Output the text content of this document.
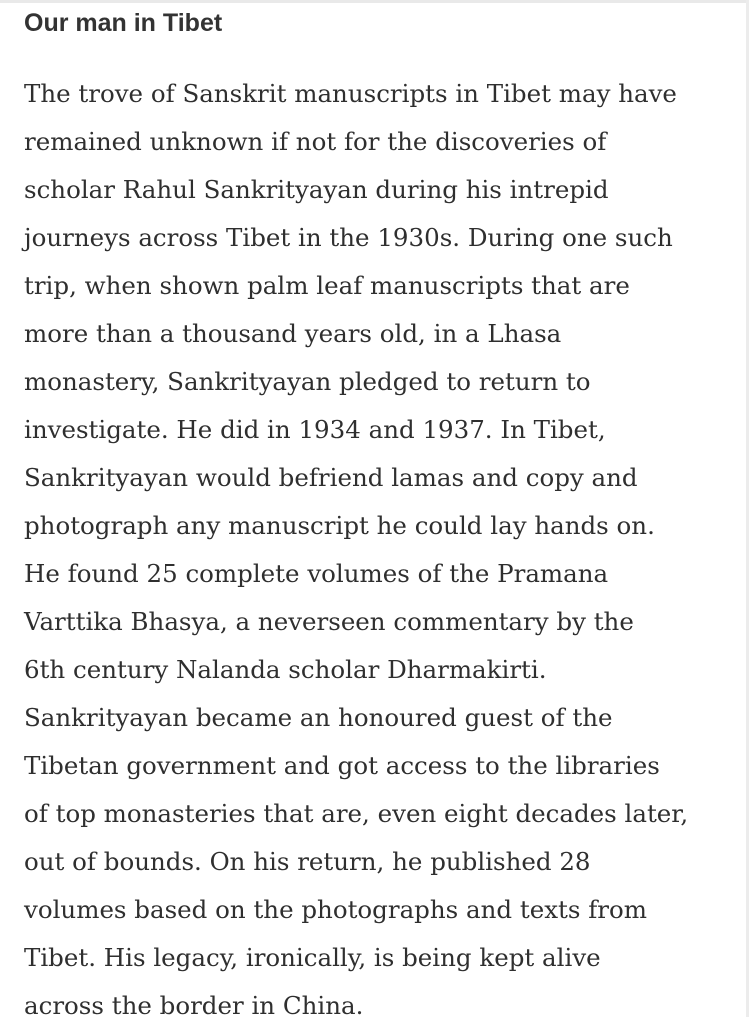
Our man in Tibet
The trove of Sanskrit manuscripts in Tibet may have
remained unknown if not for the discoveries of
scholar Rahul Sankrityayan during his intrepid
journeys across Tibet in the 1930s. During one such
trip, when shown palm leaf manuscripts that are
more than a thousand years old, in a Lhasa
monastery, Sankrityayan pledged to return to
investigate. He did in 1934 and 1937. In Tibet,
Sankrityayan would befriend lamas and copy and
photograph any manuscript he could lay hands on.
He found 25 complete volumes of the Pramana
Varttika Bhasya, a neverseen commentary by the
6th century Nalanda scholar Dharmakirti.
Sankrityayan became an honoured guest of the
Tibetan government and got access to the libraries
of top monasteries that are, even eight decades later,
out of bounds. On his return, he published 28
volumes based on the photographs and texts from
Tibet. His legacy, ironically, is being kept alive
across the border in China.
